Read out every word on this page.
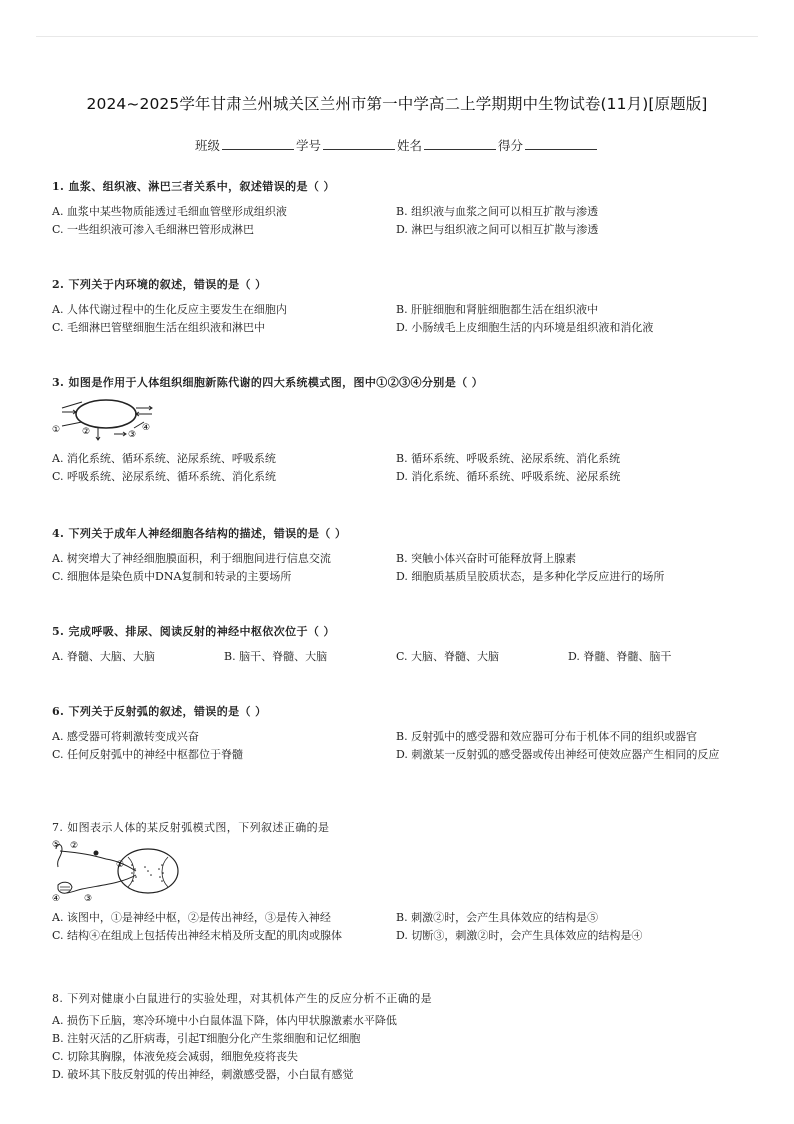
2024~2025学年甘肃兰州城关区兰州市第一中学高二上学期期中生物试卷(11月)[原题版]
班级	学号	姓名	得分
1. 血浆、组织液、淋巴三者关系中，叙述错误的是（ ）
A. 血浆中某些物质能透过毛细血管壁形成组织液	B. 组织液与血浆之间可以相互扩散与渗透
C. 一些组织液可渗入毛细淋巴管形成淋巴	D. 淋巴与组织液之间可以相互扩散与渗透
2. 下列关于内环境的叙述，错误的是（ ）
A. 人体代谢过程中的生化反应主要发生在细胞内	B. 肝脏细胞和肾脏细胞都生活在组织液中
C. 毛细淋巴管壁细胞生活在组织液和淋巴中	D. 小肠绒毛上皮细胞生活的内环境是组织液和消化液
3. 如图是作用于人体组织细胞新陈代谢的四大系统模式图，图中①②③④分别是（ ）
① ②	③
④
A. 消化系统、循环系统、泌尿系统、呼吸系统	B. 循环系统、呼吸系统、泌尿系统、消化系统
C. 呼吸系统、泌尿系统、循环系统、消化系统	D. 消化系统、循环系统、呼吸系统、泌尿系统
4. 下列关于成年人神经细胞各结构的描述，错误的是（ ）
A. 树突增大了神经细胞膜面积，利于细胞间进行信息交流	B. 突触小体兴奋时可能释放肾上腺素
C. 细胞体是染色质中DNA复制和转录的主要场所	D. 细胞质基质呈胶质状态，是多种化学反应进行的场所
5. 完成呼吸、排尿、阅读反射的神经中枢依次位于（ ）
A. 脊髓、大脑、大脑	B. 脑干、脊髓、大脑	C. 大脑、脊髓、大脑	D. 脊髓、脊髓、脑干
6. 下列关于反射弧的叙述，错误的是（ ）
A. 感受器可将刺激转变成兴奋	B. 反射弧中的感受器和效应器可分布于机体不同的组织或器官
C. 任何反射弧中的神经中枢都位于脊髓	D. 刺激某一反射弧的感受器或传出神经可使效应器产生相同的反应
7. 如图表示人体的某反射弧模式图，下列叙述正确的是
⑤ ②
①
④	③
A. 该图中，①是神经中枢，②是传出神经，③是传入神经	B. 刺激②时，会产生具体效应的结构是⑤
C. 结构④在组成上包括传出神经末梢及所支配的肌肉或腺体	D. 切断③，刺激②时，会产生具体效应的结构是④
8. 下列对健康小白鼠进行的实验处理，对其机体产生的反应分析不正确的是
A. 损伤下丘脑，寒冷环境中小白鼠体温下降，体内甲状腺激素水平降低
B. 注射灭活的乙肝病毒，引起T细胞分化产生浆细胞和记忆细胞
C. 切除其胸腺，体液免疫会减弱，细胞免疫将丧失
D. 破坏其下肢反射弧的传出神经，刺激感受器，小白鼠有感觉
